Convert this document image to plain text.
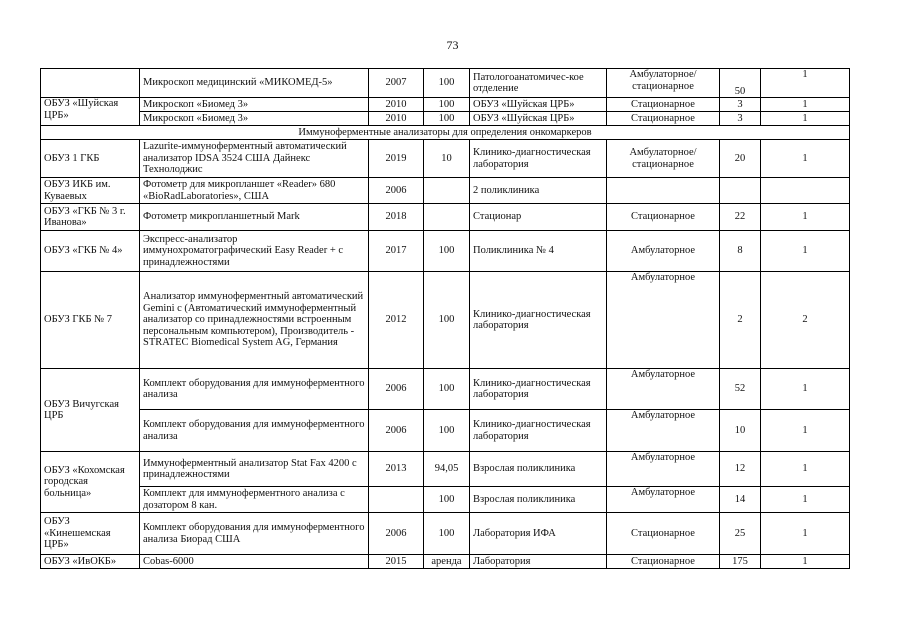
73
	Микроскоп медицинский «МИКОМЕД-5»	2007	100	Патологоанатомичес-кое отделение	Амбулаторное/ стационарное	50	1
ОБУЗ «Шуйская ЦРБ»	Микроскоп «Биомед 3»	2010	100	ОБУЗ «Шуйская ЦРБ»	Стационарное	3	1
	Микроскоп «Биомед 3»	2010	100	ОБУЗ «Шуйская ЦРБ»	Стационарное	3	1
Иммуноферментные анализаторы для определения онкомаркеров							
ОБУЗ 1 ГКБ	Lazurite-иммуноферментный автоматический анализатор IDSA 3524 США Дайнекс Технолоджис	2019	10	Клинико-диагностическая лаборатория	Амбулаторное/ стационарное	20	1
ОБУЗ ИКБ им. Куваевых	Фотометр для микропланшет «Reader» 680 «BioRadLaboratories», США	2006		2 поликлиника			
ОБУЗ «ГКБ № 3 г. Иванова»	Фотометр микропланшетный Mark	2018		Стационар	Стационарное	22	1
ОБУЗ «ГКБ № 4»	Экспресс-анализатор иммунохроматографический Easy Reader + с принадлежностями	2017	100	Поликлиника № 4	Амбулаторное	8	1
ОБУЗ ГКБ № 7	Анализатор иммуноферментный автоматический Gemini с (Автоматический иммуноферментный анализатор со принадлежностями встроенным персональным компьютером), Производитель - STRATEC Biomedical System AG, Германия	2012	100	Клинико-диагностическая лаборатория	Амбулаторное	2	2
ОБУЗ Вичугская ЦРБ	Комплект оборудования для иммуноферментного анализа	2006	100	Клинико-диагностическая лаборатория	Амбулаторное	52	1
	Комплект оборудования для иммуноферментного анализа	2006	100	Клинико-диагностическая лаборатория	Амбулаторное	10	1
ОБУЗ «Кохомская городская больница»	Иммуноферментный анализатор Stat Fax 4200 с принадлежностями	2013	94,05	Взрослая поликлиника	Амбулаторное	12	1
	Комплект для иммуноферментного анализа с дозатором 8 кан.		100	Взрослая поликлиника	Амбулаторное	14	1
ОБУЗ «Кинешемская ЦРБ»	Комплект оборудования для иммуноферментного анализа Биорад США	2006	100	Лаборатория ИФА	Стационарное	25	1
ОБУЗ «ИвОКБ»	Cobas-6000	2015	аренда	Лаборатория	Стационарное	175	1
